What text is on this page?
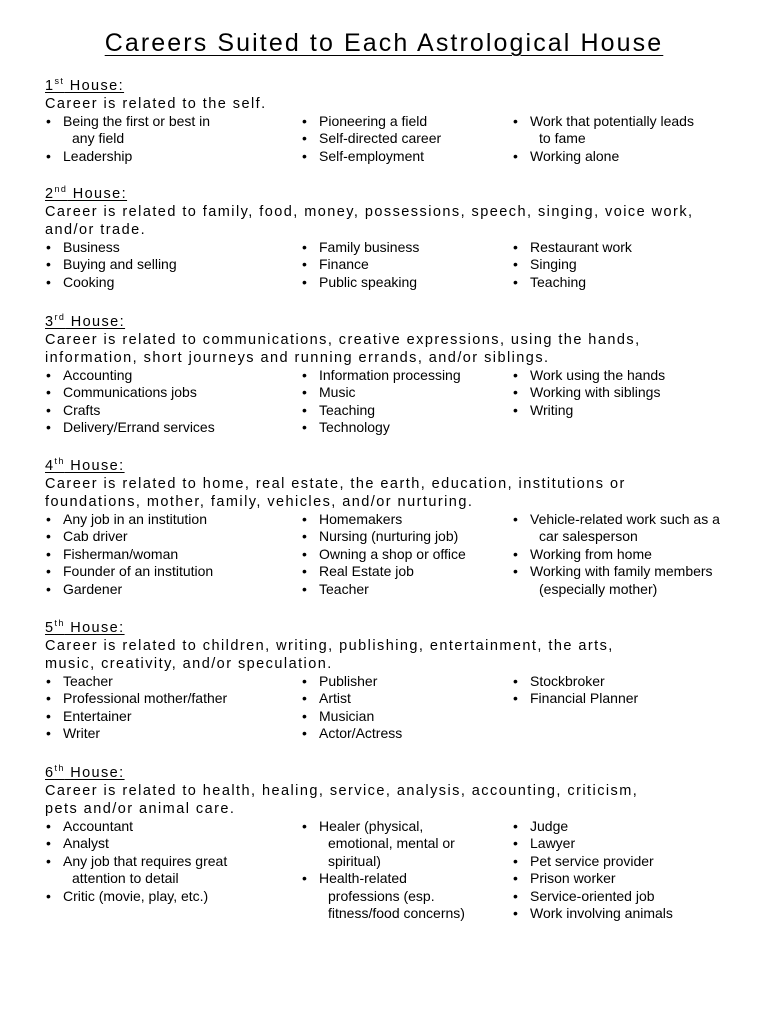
Careers Suited to Each Astrological House
1st House:
Career is related to the self.
• Being the first or best in
any field
• Leadership
• Pioneering a field
• Self-directed career
• Self-employment
• Work that potentially leads
to fame
• Working alone
2nd House:
Career is related to family, food, money, possessions, speech, singing, voice work,
and/or trade.
• Business
• Buying and selling
• Cooking
• Family business
• Finance
• Public speaking
• Restaurant work
• Singing
• Teaching
3rd House:
Career is related to communications, creative expressions, using the hands,
information, short journeys and running errands, and/or siblings.
• Accounting
• Communications jobs
• Crafts
• Delivery/Errand services
• Information processing
• Music
• Teaching
• Technology
• Work using the hands
• Working with siblings
• Writing
4th House:
Career is related to home, real estate, the earth, education, institutions or
foundations, mother, family, vehicles, and/or nurturing.
• Any job in an institution
• Cab driver
• Fisherman/woman
• Founder of an institution
• Gardener
• Homemakers
• Nursing (nurturing job)
• Owning a shop or office
• Real Estate job
• Teacher
• Vehicle-related work such as a
car salesperson
• Working from home
• Working with family members
(especially mother)
5th House:
Career is related to children, writing, publishing, entertainment, the arts,
music, creativity, and/or speculation.
• Teacher
• Professional mother/father
• Entertainer
• Writer
• Publisher
• Artist
• Musician
• Actor/Actress
• Stockbroker
• Financial Planner
6th House:
Career is related to health, healing, service, analysis, accounting, criticism,
pets and/or animal care.
• Accountant
• Analyst
• Any job that requires great
attention to detail
• Critic (movie, play, etc.)
• Healer (physical,
emotional, mental or
spiritual)
• Health-related
professions (esp.
fitness/food concerns)
• Judge
• Lawyer
• Pet service provider
• Prison worker
• Service-oriented job
• Work involving animals
